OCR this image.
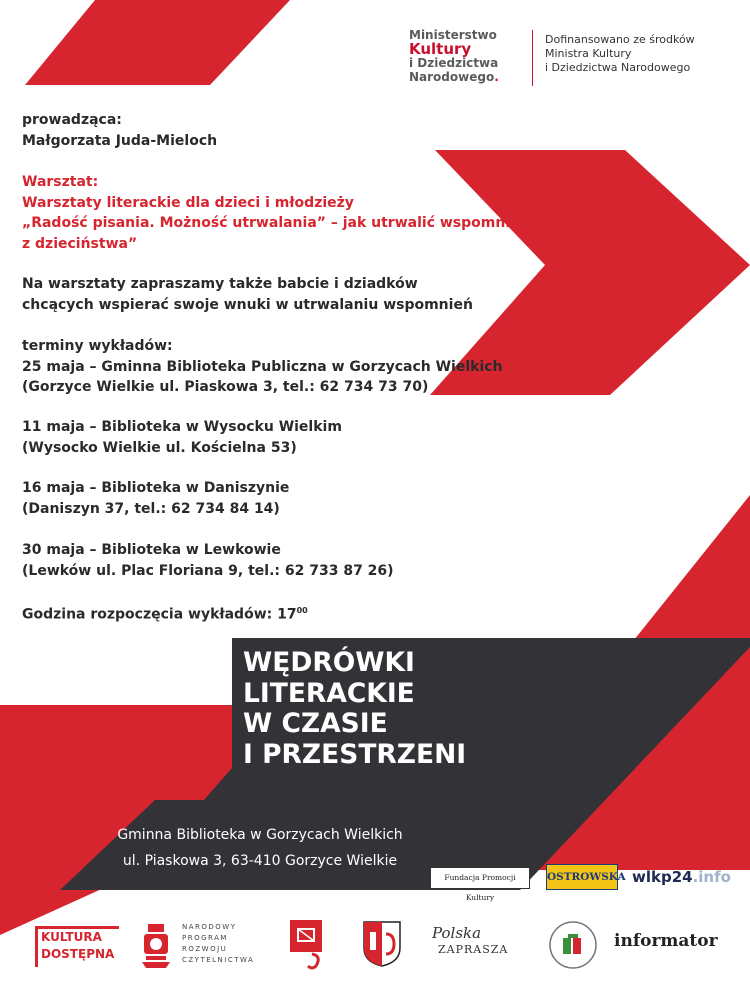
Ministerstwo
Kultury
i Dziedzictwa
Narodowego.
Dofinansowano ze środków
Ministra Kultury
i Dziedzictwa Narodowego
prowadząca:
Małgorzata Juda-Mieloch
Warsztat:
Warsztaty literackie dla dzieci i młodzieży
„Radość pisania. Możność utrwalania” – jak utrwalić wspomnienia
z dzieciństwa”
Na warsztaty zapraszamy także babcie i dziadków
chcących wspierać swoje wnuki w utrwalaniu wspomnień
terminy wykładów:
25 maja – Gminna Biblioteka Publiczna w Gorzycach Wielkich
(Gorzyce Wielkie ul. Piaskowa 3, tel.: 62 734 73 70)
11 maja – Biblioteka w Wysocku Wielkim
(Wysocko Wielkie ul. Kościelna 53)
16 maja – Biblioteka w Daniszynie
(Daniszyn 37, tel.: 62 734 84 14)
30 maja – Biblioteka w Lewkowie
(Lewków ul. Plac Floriana 9, tel.: 62 733 87 26)
Godzina rozpoczęcia wykładów: $17^{00}$
WĘDRÓWKI
LITERACKIE
W CZASIE
I PRZESTRZENI
Gminna Biblioteka w Gorzycach Wielkich
ul. Piaskowa 3, 63-410 Gorzyce Wielkie
Fundacja Promocji Kultury
OSTROWSKA wlkp24.info
KULTURA
DOSTĘPNA
NARODOWY
PROGRAM
ROZWOJU
CZYTELNICTWA
Polska
ZAPRASZA	informator
